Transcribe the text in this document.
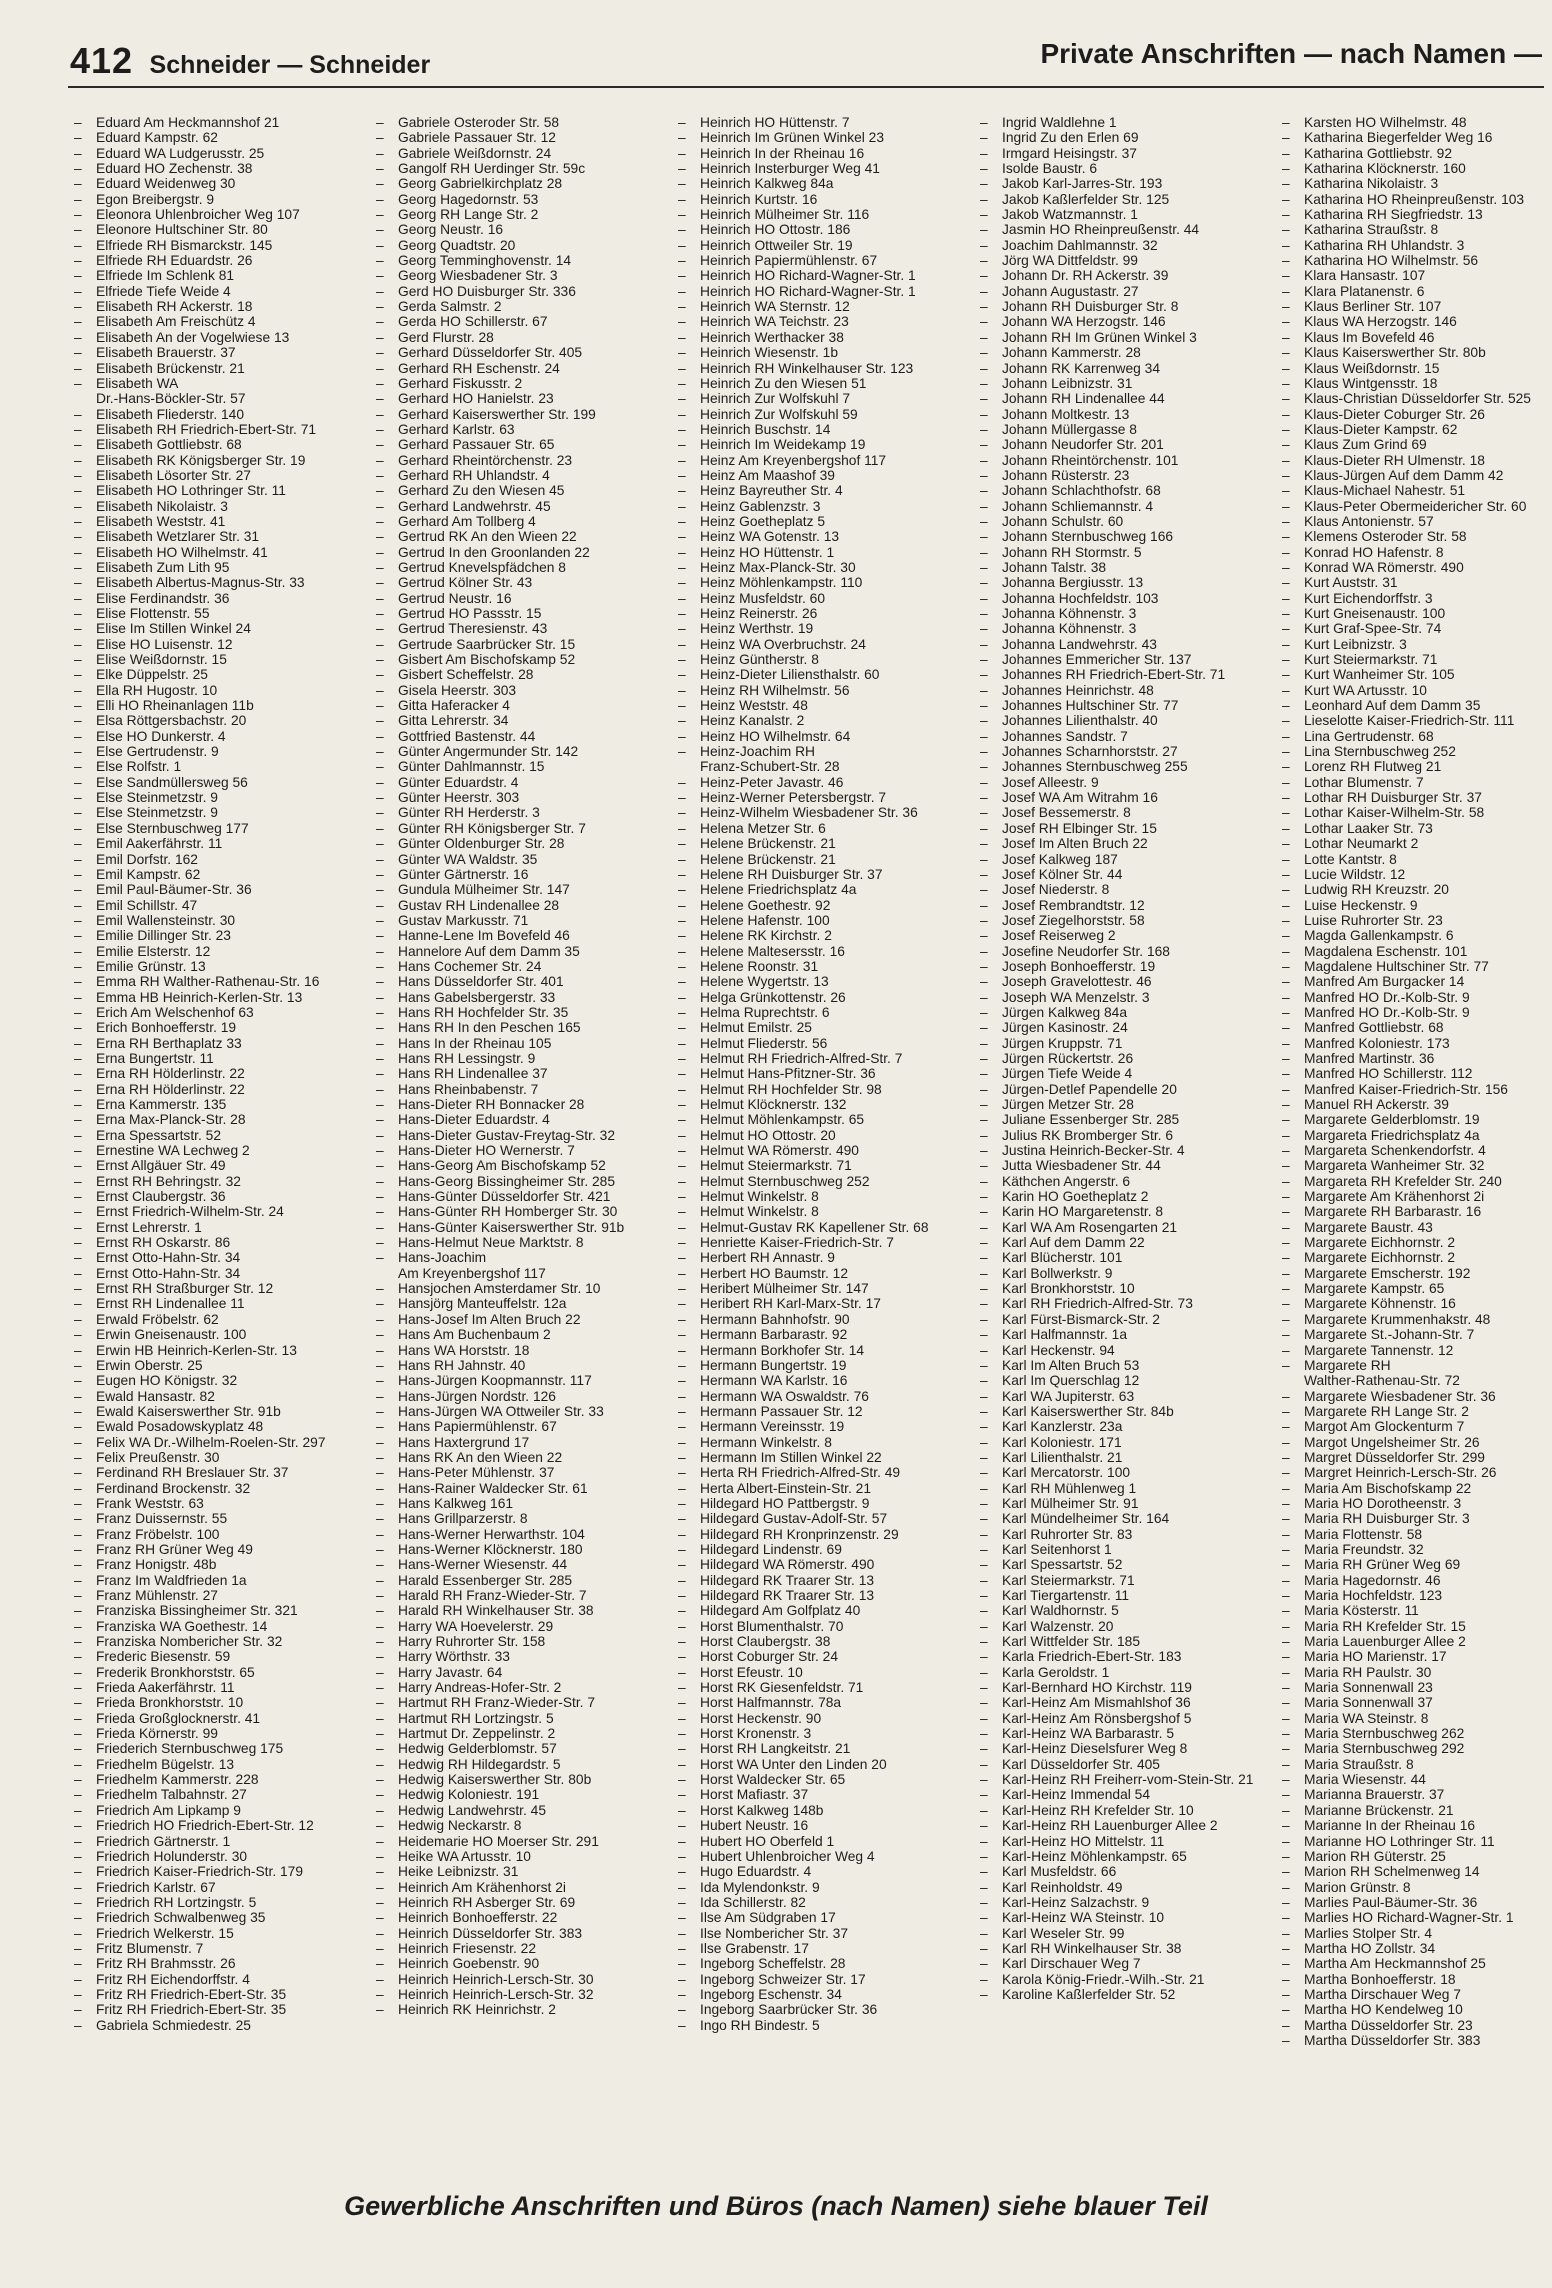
412 Schneider — Schneider	Private Anschriften — nach Namen —
– Eduard Am Heckmannshof 21
– Eduard Kampstr. 62
– Eduard WA Ludgerusstr. 25
– Eduard HO Zechenstr. 38
– Eduard Weidenweg 30
– Egon Breibergstr. 9
– Eleonora Uhlenbroicher Weg 107
– Eleonore Hultschiner Str. 80
– Elfriede RH Bismarckstr. 145
– Elfriede RH Eduardstr. 26
– Elfriede Im Schlenk 81
– Elfriede Tiefe Weide 4
– Elisabeth RH Ackerstr. 18
– Elisabeth Am Freischütz 4
– Elisabeth An der Vogelwiese 13
– Elisabeth Brauerstr. 37
– Elisabeth Brückenstr. 21
– Elisabeth WA
Dr.-Hans-Böckler-Str. 57
– Elisabeth Fliederstr. 140
– Elisabeth RH Friedrich-Ebert-Str. 71
– Elisabeth Gottliebstr. 68
– Elisabeth RK Königsberger Str. 19
– Elisabeth Lösorter Str. 27
– Elisabeth HO Lothringer Str. 11
– Elisabeth Nikolaistr. 3
– Elisabeth Weststr. 41
– Elisabeth Wetzlarer Str. 31
– Elisabeth HO Wilhelmstr. 41
– Elisabeth Zum Lith 95
– Elisabeth Albertus-Magnus-Str. 33
– Elise Ferdinandstr. 36
– Elise Flottenstr. 55
– Elise Im Stillen Winkel 24
– Elise HO Luisenstr. 12
– Elise Weißdornstr. 15
– Elke Düppelstr. 25
– Ella RH Hugostr. 10
– Elli HO Rheinanlagen 11b
– Elsa Röttgersbachstr. 20
– Else HO Dunkerstr. 4
– Else Gertrudenstr. 9
– Else Rolfstr. 1
– Else Sandmüllersweg 56
– Else Steinmetzstr. 9
– Else Steinmetzstr. 9
– Else Sternbuschweg 177
– Emil Aakerfährstr. 11
– Emil Dorfstr. 162
– Emil Kampstr. 62
– Emil Paul-Bäumer-Str. 36
– Emil Schillstr. 47
– Emil Wallensteinstr. 30
– Emilie Dillinger Str. 23
– Emilie Elsterstr. 12
– Emilie Grünstr. 13
– Emma RH Walther-Rathenau-Str. 16
– Emma HB Heinrich-Kerlen-Str. 13
– Erich Am Welschenhof 63
– Erich Bonhoefferstr. 19
– Erna RH Berthaplatz 33
– Erna Bungertstr. 11
– Erna RH Hölderlinstr. 22
– Erna RH Hölderlinstr. 22
– Erna Kammerstr. 135
– Erna Max-Planck-Str. 28
– Erna Spessartstr. 52
– Ernestine WA Lechweg 2
– Ernst Allgäuer Str. 49
– Ernst RH Behringstr. 32
– Ernst Claubergstr. 36
– Ernst Friedrich-Wilhelm-Str. 24
– Ernst Lehrerstr. 1
– Ernst RH Oskarstr. 86
– Ernst Otto-Hahn-Str. 34
– Ernst Otto-Hahn-Str. 34
– Ernst RH Straßburger Str. 12
– Ernst RH Lindenallee 11
– Erwald Fröbelstr. 62
– Erwin Gneisenaustr. 100
– Erwin HB Heinrich-Kerlen-Str. 13
– Erwin Oberstr. 25
– Eugen HO Königstr. 32
– Ewald Hansastr. 82
– Ewald Kaiserswerther Str. 91b
– Ewald Posadowskyplatz 48
– Felix WA Dr.-Wilhelm-Roelen-Str. 297
– Felix Preußenstr. 30
– Ferdinand RH Breslauer Str. 37
– Ferdinand Brockenstr. 32
– Frank Weststr. 63
– Franz Duissernstr. 55
– Franz Fröbelstr. 100
– Franz RH Grüner Weg 49
– Franz Honigstr. 48b
– Franz Im Waldfrieden 1a
– Franz Mühlenstr. 27
– Franziska Bissingheimer Str. 321
– Franziska WA Goethestr. 14
– Franziska Nombericher Str. 32
– Frederic Biesenstr. 59
– Frederik Bronkhorststr. 65
– Frieda Aakerfährstr. 11
– Frieda Bronkhorststr. 10
– Frieda Großglocknerstr. 41
– Frieda Körnerstr. 99
– Friederich Sternbuschweg 175
– Friedhelm Bügelstr. 13
– Friedhelm Kammerstr. 228
– Friedhelm Talbahnstr. 27
– Friedrich Am Lipkamp 9
– Friedrich HO Friedrich-Ebert-Str. 12
– Friedrich Gärtnerstr. 1
– Friedrich Holunderstr. 30
– Friedrich Kaiser-Friedrich-Str. 179
– Friedrich Karlstr. 67
– Friedrich RH Lortzingstr. 5
– Friedrich Schwalbenweg 35
– Friedrich Welkerstr. 15
– Fritz Blumenstr. 7
– Fritz RH Brahmsstr. 26
– Fritz RH Eichendorffstr. 4
– Fritz RH Friedrich-Ebert-Str. 35
– Fritz RH Friedrich-Ebert-Str. 35
– Gabriela Schmiedestr. 25
– Gabriele Osteroder Str. 58
– Gabriele Passauer Str. 12
– Gabriele Weißdornstr. 24
– Gangolf RH Uerdinger Str. 59c
– Georg Gabrielkirchplatz 28
– Georg Hagedornstr. 53
– Georg RH Lange Str. 2
– Georg Neustr. 16
– Georg Quadtstr. 20
– Georg Temminghovenstr. 14
– Georg Wiesbadener Str. 3
– Gerd HO Duisburger Str. 336
– Gerda Salmstr. 2
– Gerda HO Schillerstr. 67
– Gerd Flurstr. 28
– Gerhard Düsseldorfer Str. 405
– Gerhard RH Eschenstr. 24
– Gerhard Fiskusstr. 2
– Gerhard HO Hanielstr. 23
– Gerhard Kaiserswerther Str. 199
– Gerhard Karlstr. 63
– Gerhard Passauer Str. 65
– Gerhard Rheintörchenstr. 23
– Gerhard RH Uhlandstr. 4
– Gerhard Zu den Wiesen 45
– Gerhard Landwehrstr. 45
– Gerhard Am Tollberg 4
– Gertrud RK An den Wieen 22
– Gertrud In den Groonlanden 22
– Gertrud Knevelspfädchen 8
– Gertrud Kölner Str. 43
– Gertrud Neustr. 16
– Gertrud HO Passstr. 15
– Gertrud Theresienstr. 43
– Gertrude Saarbrücker Str. 15
– Gisbert Am Bischofskamp 52
– Gisbert Scheffelstr. 28
– Gisela Heerstr. 303
– Gitta Haferacker 4
– Gitta Lehrerstr. 34
– Gottfried Bastenstr. 44
– Günter Angermunder Str. 142
– Günter Dahlmannstr. 15
– Günter Eduardstr. 4
– Günter Heerstr. 303
– Günter RH Herderstr. 3
– Günter RH Königsberger Str. 7
– Günter Oldenburger Str. 28
– Günter WA Waldstr. 35
– Günter Gärtnerstr. 16
– Gundula Mülheimer Str. 147
– Gustav RH Lindenallee 28
– Gustav Markusstr. 71
– Hanne-Lene Im Bovefeld 46
– Hannelore Auf dem Damm 35
– Hans Cochemer Str. 24
– Hans Düsseldorfer Str. 401
– Hans Gabelsbergerstr. 33
– Hans RH Hochfelder Str. 35
– Hans RH In den Peschen 165
– Hans In der Rheinau 105
– Hans RH Lessingstr. 9
– Hans RH Lindenallee 37
– Hans Rheinbabenstr. 7
– Hans-Dieter RH Bonnacker 28
– Hans-Dieter Eduardstr. 4
– Hans-Dieter Gustav-Freytag-Str. 32
– Hans-Dieter HO Wernerstr. 7
– Hans-Georg Am Bischofskamp 52
– Hans-Georg Bissingheimer Str. 285
– Hans-Günter Düsseldorfer Str. 421
– Hans-Günter RH Homberger Str. 30
– Hans-Günter Kaiserswerther Str. 91b
– Hans-Helmut Neue Marktstr. 8
– Hans-Joachim
Am Kreyenbergshof 117
– Hansjochen Amsterdamer Str. 10
– Hansjörg Manteuffelstr. 12a
– Hans-Josef Im Alten Bruch 22
– Hans Am Buchenbaum 2
– Hans WA Horststr. 18
– Hans RH Jahnstr. 40
– Hans-Jürgen Koopmannstr. 117
– Hans-Jürgen Nordstr. 126
– Hans-Jürgen WA Ottweiler Str. 33
– Hans Papiermühlenstr. 67
– Hans Haxtergrund 17
– Hans RK An den Wieen 22
– Hans-Peter Mühlenstr. 37
– Hans-Rainer Waldecker Str. 61
– Hans Kalkweg 161
– Hans Grillparzerstr. 8
– Hans-Werner Herwarthstr. 104
– Hans-Werner Klöcknerstr. 180
– Hans-Werner Wiesenstr. 44
– Harald Essenberger Str. 285
– Harald RH Franz-Wieder-Str. 7
– Harald RH Winkelhauser Str. 38
– Harry WA Hoevelerstr. 29
– Harry Ruhrorter Str. 158
– Harry Wörthstr. 33
– Harry Javastr. 64
– Harry Andreas-Hofer-Str. 2
– Hartmut RH Franz-Wieder-Str. 7
– Hartmut RH Lortzingstr. 5
– Hartmut Dr. Zeppelinstr. 2
– Hedwig Gelderblomstr. 57
– Hedwig RH Hildegardstr. 5
– Hedwig Kaiserswerther Str. 80b
– Hedwig Koloniestr. 191
– Hedwig Landwehrstr. 45
– Hedwig Neckarstr. 8
– Heidemarie HO Moerser Str. 291
– Heike WA Artusstr. 10
– Heike Leibnizstr. 31
– Heinrich Am Krähenhorst 2i
– Heinrich RH Asberger Str. 69
– Heinrich Bonhoefferstr. 22
– Heinrich Düsseldorfer Str. 383
– Heinrich Friesenstr. 22
– Heinrich Goebenstr. 90
– Heinrich Heinrich-Lersch-Str. 30
– Heinrich Heinrich-Lersch-Str. 32
– Heinrich RK Heinrichstr. 2
– Heinrich HO Hüttenstr. 7
– Heinrich Im Grünen Winkel 23
– Heinrich In der Rheinau 16
– Heinrich Insterburger Weg 41
– Heinrich Kalkweg 84a
– Heinrich Kurtstr. 16
– Heinrich Mülheimer Str. 116
– Heinrich HO Ottostr. 186
– Heinrich Ottweiler Str. 19
– Heinrich Papiermühlenstr. 67
– Heinrich HO Richard-Wagner-Str. 1
– Heinrich HO Richard-Wagner-Str. 1
– Heinrich WA Sternstr. 12
– Heinrich WA Teichstr. 23
– Heinrich Werthacker 38
– Heinrich Wiesenstr. 1b
– Heinrich RH Winkelhauser Str. 123
– Heinrich Zu den Wiesen 51
– Heinrich Zur Wolfskuhl 7
– Heinrich Zur Wolfskuhl 59
– Heinrich Buschstr. 14
– Heinrich Im Weidekamp 19
– Heinz Am Kreyenbergshof 117
– Heinz Am Maashof 39
– Heinz Bayreuther Str. 4
– Heinz Gablenzstr. 3
– Heinz Goetheplatz 5
– Heinz WA Gotenstr. 13
– Heinz HO Hüttenstr. 1
– Heinz Max-Planck-Str. 30
– Heinz Möhlenkampstr. 110
– Heinz Musfeldstr. 60
– Heinz Reinerstr. 26
– Heinz Werthstr. 19
– Heinz WA Overbruchstr. 24
– Heinz Güntherstr. 8
– Heinz-Dieter Liliensthalstr. 60
– Heinz RH Wilhelmstr. 56
– Heinz Weststr. 48
– Heinz Kanalstr. 2
– Heinz HO Wilhelmstr. 64
– Heinz-Joachim RH
Franz-Schubert-Str. 28
– Heinz-Peter Javastr. 46
– Heinz-Werner Petersbergstr. 7
– Heinz-Wilhelm Wiesbadener Str. 36
– Helena Metzer Str. 6
– Helene Brückenstr. 21
– Helene Brückenstr. 21
– Helene RH Duisburger Str. 37
– Helene Friedrichsplatz 4a
– Helene Goethestr. 92
– Helene Hafenstr. 100
– Helene RK Kirchstr. 2
– Helene Maltesersstr. 16
– Helene Roonstr. 31
– Helene Wygertstr. 13
– Helga Grünkottenstr. 26
– Helma Ruprechtstr. 6
– Helmut Emilstr. 25
– Helmut Fliederstr. 56
– Helmut RH Friedrich-Alfred-Str. 7
– Helmut Hans-Pfitzner-Str. 36
– Helmut RH Hochfelder Str. 98
– Helmut Klöcknerstr. 132
– Helmut Möhlenkampstr. 65
– Helmut HO Ottostr. 20
– Helmut WA Römerstr. 490
– Helmut Steiermarkstr. 71
– Helmut Sternbuschweg 252
– Helmut Winkelstr. 8
– Helmut Winkelstr. 8
– Helmut-Gustav RK Kapellener Str. 68
– Henriette Kaiser-Friedrich-Str. 7
– Herbert RH Annastr. 9
– Herbert HO Baumstr. 12
– Heribert Mülheimer Str. 147
– Heribert RH Karl-Marx-Str. 17
– Hermann Bahnhofstr. 90
– Hermann Barbarastr. 92
– Hermann Borkhofer Str. 14
– Hermann Bungertstr. 19
– Hermann WA Karlstr. 16
– Hermann WA Oswaldstr. 76
– Hermann Passauer Str. 12
– Hermann Vereinsstr. 19
– Hermann Winkelstr. 8
– Hermann Im Stillen Winkel 22
– Herta RH Friedrich-Alfred-Str. 49
– Herta Albert-Einstein-Str. 21
– Hildegard HO Pattbergstr. 9
– Hildegard Gustav-Adolf-Str. 57
– Hildegard RH Kronprinzenstr. 29
– Hildegard Lindenstr. 69
– Hildegard WA Römerstr. 490
– Hildegard RK Traarer Str. 13
– Hildegard RK Traarer Str. 13
– Hildegard Am Golfplatz 40
– Horst Blumenthalstr. 70
– Horst Claubergstr. 38
– Horst Coburger Str. 24
– Horst Efeustr. 10
– Horst RK Giesenfeldstr. 71
– Horst Halfmannstr. 78a
– Horst Heckenstr. 90
– Horst Kronenstr. 3
– Horst RH Langkeitstr. 21
– Horst WA Unter den Linden 20
– Horst Waldecker Str. 65
– Horst Mafiastr. 37
– Horst Kalkweg 148b
– Hubert Neustr. 16
– Hubert HO Oberfeld 1
– Hubert Uhlenbroicher Weg 4
– Hugo Eduardstr. 4
– Ida Mylendonkstr. 9
– Ida Schillerstr. 82
– Ilse Am Südgraben 17
– Ilse Nombericher Str. 37
– Ilse Grabenstr. 17
– Ingeborg Scheffelstr. 28
– Ingeborg Schweizer Str. 17
– Ingeborg Eschenstr. 34
– Ingeborg Saarbrücker Str. 36
– Ingo RH Bindestr. 5
– Ingrid Waldlehne 1
– Ingrid Zu den Erlen 69
– Irmgard Heisingstr. 37
– Isolde Baustr. 6
– Jakob Karl-Jarres-Str. 193
– Jakob Kaßlerfelder Str. 125
– Jakob Watzmannstr. 1
– Jasmin HO Rheinpreußenstr. 44
– Joachim Dahlmannstr. 32
– Jörg WA Dittfeldstr. 99
– Johann Dr. RH Ackerstr. 39
– Johann Augustastr. 27
– Johann RH Duisburger Str. 8
– Johann WA Herzogstr. 146
– Johann RH Im Grünen Winkel 3
– Johann Kammerstr. 28
– Johann RK Karrenweg 34
– Johann Leibnizstr. 31
– Johann RH Lindenallee 44
– Johann Moltkestr. 13
– Johann Müllergasse 8
– Johann Neudorfer Str. 201
– Johann Rheintörchenstr. 101
– Johann Rüsterstr. 23
– Johann Schlachthofstr. 68
– Johann Schliemannstr. 4
– Johann Schulstr. 60
– Johann Sternbuschweg 166
– Johann RH Stormstr. 5
– Johann Talstr. 38
– Johanna Bergiusstr. 13
– Johanna Hochfeldstr. 103
– Johanna Köhnenstr. 3
– Johanna Köhnenstr. 3
– Johanna Landwehrstr. 43
– Johannes Emmericher Str. 137
– Johannes RH Friedrich-Ebert-Str. 71
– Johannes Heinrichstr. 48
– Johannes Hultschiner Str. 77
– Johannes Lilienthalstr. 40
– Johannes Sandstr. 7
– Johannes Scharnhorststr. 27
– Johannes Sternbuschweg 255
– Josef Alleestr. 9
– Josef WA Am Witrahm 16
– Josef Bessemerstr. 8
– Josef RH Elbinger Str. 15
– Josef Im Alten Bruch 22
– Josef Kalkweg 187
– Josef Kölner Str. 44
– Josef Niederstr. 8
– Josef Rembrandtstr. 12
– Josef Ziegelhorststr. 58
– Josef Reiserweg 2
– Josefine Neudorfer Str. 168
– Joseph Bonhoefferstr. 19
– Joseph Gravelottestr. 46
– Joseph WA Menzelstr. 3
– Jürgen Kalkweg 84a
– Jürgen Kasinostr. 24
– Jürgen Kruppstr. 71
– Jürgen Rückertstr. 26
– Jürgen Tiefe Weide 4
– Jürgen-Detlef Papendelle 20
– Jürgen Metzer Str. 28
– Juliane Essenberger Str. 285
– Julius RK Bromberger Str. 6
– Justina Heinrich-Becker-Str. 4
– Jutta Wiesbadener Str. 44
– Käthchen Angerstr. 6
– Karin HO Goetheplatz 2
– Karin HO Margaretenstr. 8
– Karl WA Am Rosengarten 21
– Karl Auf dem Damm 22
– Karl Blücherstr. 101
– Karl Bollwerkstr. 9
– Karl Bronkhorststr. 10
– Karl RH Friedrich-Alfred-Str. 73
– Karl Fürst-Bismarck-Str. 2
– Karl Halfmannstr. 1a
– Karl Heckenstr. 94
– Karl Im Alten Bruch 53
– Karl Im Querschlag 12
– Karl WA Jupiterstr. 63
– Karl Kaiserswerther Str. 84b
– Karl Kanzlerstr. 23a
– Karl Koloniestr. 171
– Karl Lilienthalstr. 21
– Karl Mercatorstr. 100
– Karl RH Mühlenweg 1
– Karl Mülheimer Str. 91
– Karl Mündelheimer Str. 164
– Karl Ruhrorter Str. 83
– Karl Seitenhorst 1
– Karl Spessartstr. 52
– Karl Steiermarkstr. 71
– Karl Tiergartenstr. 11
– Karl Waldhornstr. 5
– Karl Walzenstr. 20
– Karl Wittfelder Str. 185
– Karla Friedrich-Ebert-Str. 183
– Karla Geroldstr. 1
– Karl-Bernhard HO Kirchstr. 119
– Karl-Heinz Am Mismahlshof 36
– Karl-Heinz Am Rönsbergshof 5
– Karl-Heinz WA Barbarastr. 5
– Karl-Heinz Dieselsfurer Weg 8
– Karl Düsseldorfer Str. 405
– Karl-Heinz RH Freiherr-vom-Stein-Str. 21
– Karl-Heinz Immendal 54
– Karl-Heinz RH Krefelder Str. 10
– Karl-Heinz RH Lauenburger Allee 2
– Karl-Heinz HO Mittelstr. 11
– Karl-Heinz Möhlenkampstr. 65
– Karl Musfeldstr. 66
– Karl Reinholdstr. 49
– Karl-Heinz Salzachstr. 9
– Karl-Heinz WA Steinstr. 10
– Karl Weseler Str. 99
– Karl RH Winkelhauser Str. 38
– Karl Dirschauer Weg 7
– Karola König-Friedr.-Wilh.-Str. 21
– Karoline Kaßlerfelder Str. 52
– Karsten HO Wilhelmstr. 48
– Katharina Biegerfelder Weg 16
– Katharina Gottliebstr. 92
– Katharina Klöcknerstr. 160
– Katharina Nikolaistr. 3
– Katharina HO Rheinpreußenstr. 103
– Katharina RH Siegfriedstr. 13
– Katharina Straußstr. 8
– Katharina RH Uhlandstr. 3
– Katharina HO Wilhelmstr. 56
– Klara Hansastr. 107
– Klara Platanenstr. 6
– Klaus Berliner Str. 107
– Klaus WA Herzogstr. 146
– Klaus Im Bovefeld 46
– Klaus Kaiserswerther Str. 80b
– Klaus Weißdornstr. 15
– Klaus Wintgensstr. 18
– Klaus-Christian Düsseldorfer Str. 525
– Klaus-Dieter Coburger Str. 26
– Klaus-Dieter Kampstr. 62
– Klaus Zum Grind 69
– Klaus-Dieter RH Ulmenstr. 18
– Klaus-Jürgen Auf dem Damm 42
– Klaus-Michael Nahestr. 51
– Klaus-Peter Obermeidericher Str. 60
– Klaus Antonienstr. 57
– Klemens Osteroder Str. 58
– Konrad HO Hafenstr. 8
– Konrad WA Römerstr. 490
– Kurt Auststr. 31
– Kurt Eichendorffstr. 3
– Kurt Gneisenaustr. 100
– Kurt Graf-Spee-Str. 74
– Kurt Leibnizstr. 3
– Kurt Steiermarkstr. 71
– Kurt Wanheimer Str. 105
– Kurt WA Artusstr. 10
– Leonhard Auf dem Damm 35
– Lieselotte Kaiser-Friedrich-Str. 111
– Lina Gertrudenstr. 68
– Lina Sternbuschweg 252
– Lorenz RH Flutweg 21
– Lothar Blumenstr. 7
– Lothar RH Duisburger Str. 37
– Lothar Kaiser-Wilhelm-Str. 58
– Lothar Laaker Str. 73
– Lothar Neumarkt 2
– Lotte Kantstr. 8
– Lucie Wildstr. 12
– Ludwig RH Kreuzstr. 20
– Luise Heckenstr. 9
– Luise Ruhrorter Str. 23
– Magda Gallenkampstr. 6
– Magdalena Eschenstr. 101
– Magdalene Hultschiner Str. 77
– Manfred Am Burgacker 14
– Manfred HO Dr.-Kolb-Str. 9
– Manfred HO Dr.-Kolb-Str. 9
– Manfred Gottliebstr. 68
– Manfred Koloniestr. 173
– Manfred Martinstr. 36
– Manfred HO Schillerstr. 112
– Manfred Kaiser-Friedrich-Str. 156
– Manuel RH Ackerstr. 39
– Margarete Gelderblomstr. 19
– Margareta Friedrichsplatz 4a
– Margareta Schenkendorfstr. 4
– Margareta Wanheimer Str. 32
– Margareta RH Krefelder Str. 240
– Margarete Am Krähenhorst 2i
– Margarete RH Barbarastr. 16
– Margarete Baustr. 43
– Margarete Eichhornstr. 2
– Margarete Eichhornstr. 2
– Margarete Emscherstr. 192
– Margarete Kampstr. 65
– Margarete Köhnenstr. 16
– Margarete Krummenhakstr. 48
– Margarete St.-Johann-Str. 7
– Margarete Tannenstr. 12
– Margarete RH
Walther-Rathenau-Str. 72
– Margarete Wiesbadener Str. 36
– Margarete RH Lange Str. 2
– Margot Am Glockenturm 7
– Margot Ungelsheimer Str. 26
– Margret Düsseldorfer Str. 299
– Margret Heinrich-Lersch-Str. 26
– Maria Am Bischofskamp 22
– Maria HO Dorotheenstr. 3
– Maria RH Duisburger Str. 3
– Maria Flottenstr. 58
– Maria Freundstr. 32
– Maria RH Grüner Weg 69
– Maria Hagedornstr. 46
– Maria Hochfeldstr. 123
– Maria Kösterstr. 11
– Maria RH Krefelder Str. 15
– Maria Lauenburger Allee 2
– Maria HO Marienstr. 17
– Maria RH Paulstr. 30
– Maria Sonnenwall 23
– Maria Sonnenwall 37
– Maria WA Steinstr. 8
– Maria Sternbuschweg 262
– Maria Sternbuschweg 292
– Maria Straußstr. 8
– Maria Wiesenstr. 44
– Marianna Brauerstr. 37
– Marianne Brückenstr. 21
– Marianne In der Rheinau 16
– Marianne HO Lothringer Str. 11
– Marion RH Güterstr. 25
– Marion RH Schelmenweg 14
– Marion Grünstr. 8
– Marlies Paul-Bäumer-Str. 36
– Marlies HO Richard-Wagner-Str. 1
– Marlies Stolper Str. 4
– Martha HO Zollstr. 34
– Martha Am Heckmannshof 25
– Martha Bonhoefferstr. 18
– Martha Dirschauer Weg 7
– Martha HO Kendelweg 10
– Martha Düsseldorfer Str. 23
– Martha Düsseldorfer Str. 383
Gewerbliche Anschriften und Büros (nach Namen) siehe blauer Teil
